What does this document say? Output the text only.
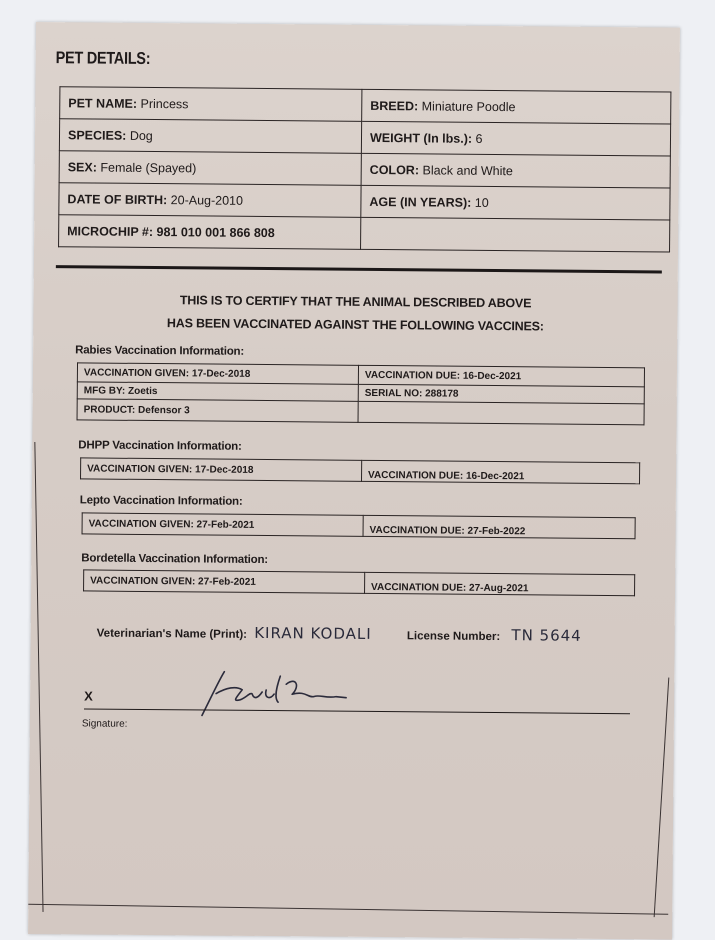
PET DETAILS:
PET NAME: Princess	BREED: Miniature Poodle
SPECIES: Dog	WEIGHT (In lbs.): 6
SEX: Female (Spayed)	COLOR: Black and White
DATE OF BIRTH: 20-Aug-2010	AGE (IN YEARS): 10
MICROCHIP #: 981 010 001 866 808	
THIS IS TO CERTIFY THAT THE ANIMAL DESCRIBED ABOVE
HAS BEEN VACCINATED AGAINST THE FOLLOWING VACCINES:
Rabies Vaccination Information:
VACCINATION GIVEN: 17-Dec-2018	VACCINATION DUE: 16-Dec-2021
MFG BY: Zoetis	SERIAL NO: 288178
PRODUCT: Defensor 3	
DHPP Vaccination Information:
VACCINATION GIVEN: 17-Dec-2018	VACCINATION DUE: 16-Dec-2021
Lepto Vaccination Information:
VACCINATION GIVEN: 27-Feb-2021	VACCINATION DUE: 27-Feb-2022
Bordetella Vaccination Information:
VACCINATION GIVEN: 27-Feb-2021	VACCINATION DUE: 27-Aug-2021
Veterinarian's Name (Print): KIRAN KODALI	License Number: TN 5644
X
Signature:
